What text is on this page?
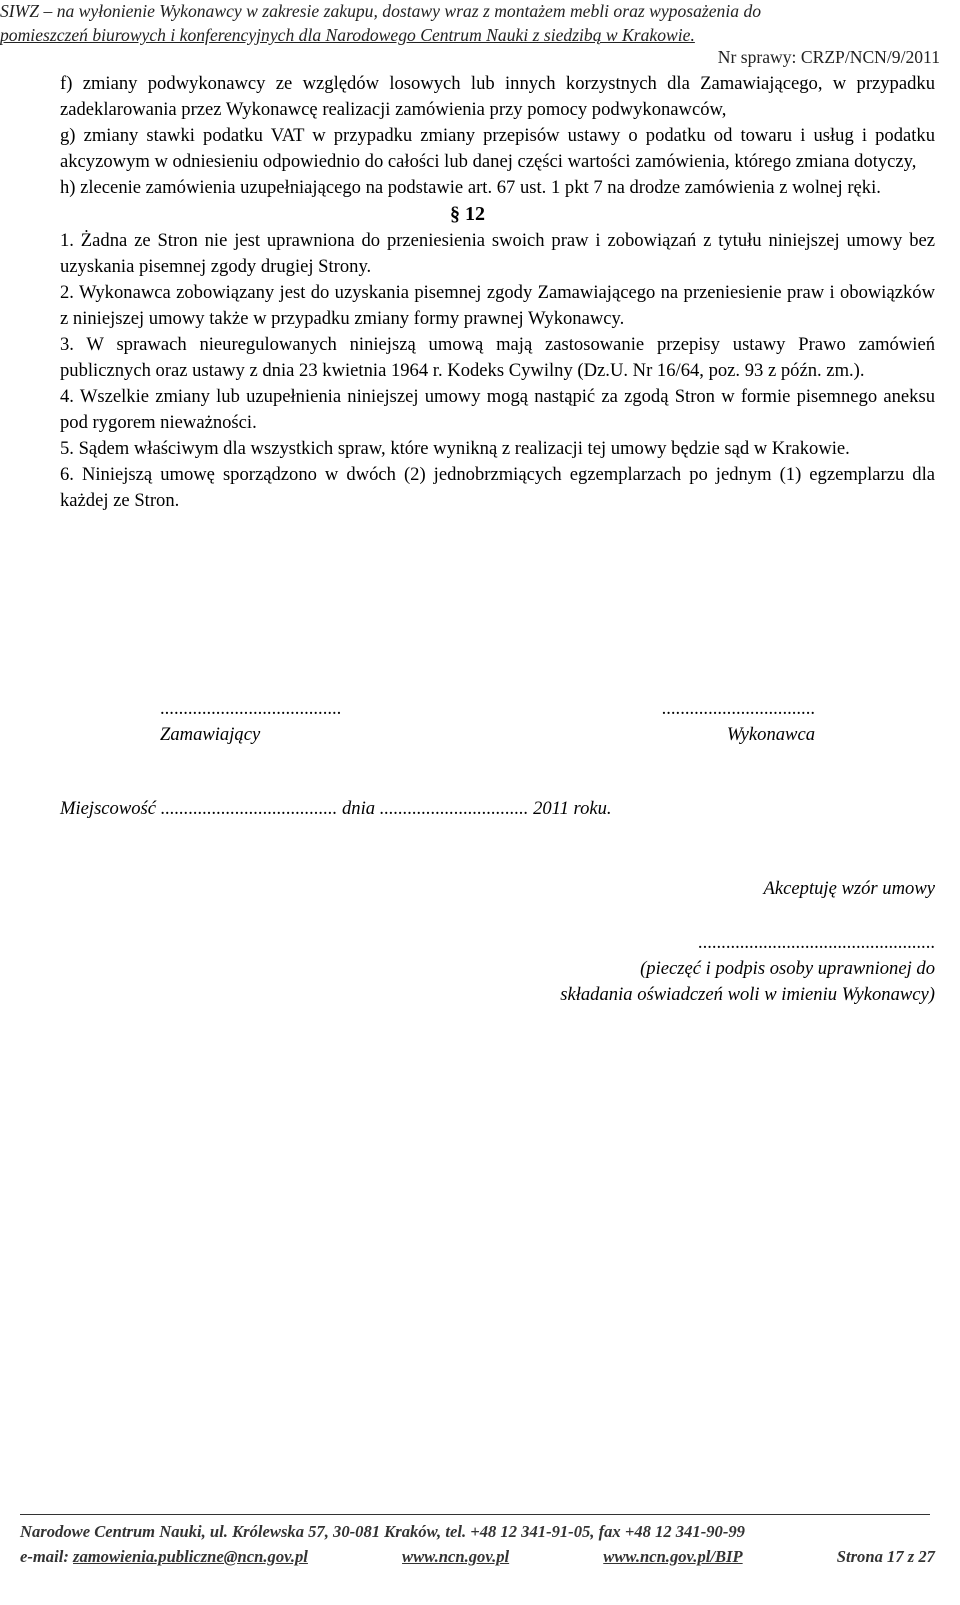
SIWZ – na wyłonienie Wykonawcy w zakresie zakupu, dostawy wraz z montażem mebli oraz wyposażenia do
pomieszczeń biurowych i konferencyjnych dla Narodowego Centrum Nauki z siedzibą w Krakowie.
Nr sprawy: CRZP/NCN/9/2011

f) zmiany podwykonawcy ze względów losowych lub innych korzystnych dla Zamawiającego, w przypadku zadeklarowania przez Wykonawcę realizacji zamówienia przy pomocy podwykonawców,

g) zmiany stawki podatku VAT w przypadku zmiany przepisów ustawy o podatku od towaru i usług i podatku akcyzowym w odniesieniu odpowiednio do całości lub danej części wartości zamówienia, którego zmiana dotyczy,

h) zlecenie zamówienia uzupełniającego na podstawie art. 67 ust. 1 pkt 7 na drodze zamówienia z wolnej ręki.

§ 12

1. Żadna ze Stron nie jest uprawniona do przeniesienia swoich praw i zobowiązań z tytułu niniejszej umowy bez uzyskania pisemnej zgody drugiej Strony.

2. Wykonawca zobowiązany jest do uzyskania pisemnej zgody Zamawiającego na przeniesienie praw i obowiązków z niniejszej umowy także w przypadku zmiany formy prawnej Wykonawcy.

3. W sprawach nieuregulowanych niniejszą umową mają zastosowanie przepisy ustawy Prawo zamówień publicznych oraz ustawy z dnia 23 kwietnia 1964 r. Kodeks Cywilny (Dz.U. Nr 16/64, poz. 93 z późn. zm.).

4. Wszelkie zmiany lub uzupełnienia niniejszej umowy mogą nastąpić za zgodą Stron w formie pisemnego aneksu pod rygorem nieważności.

5. Sądem właściwym dla wszystkich spraw, które wynikną z realizacji tej umowy będzie sąd w Krakowie.

6. Niniejszą umowę sporządzono w dwóch (2) jednobrzmiących egzemplarzach po jednym (1) egzemplarzu dla każdej ze Stron.

.......................................
Zamawiający
.................................
Wykonawca
Miejscowość ...................................... dnia ................................ 2011 roku.
Akceptuję wzór umowy
...................................................
(pieczęć i podpis osoby uprawnionej do
składania oświadczeń woli w imieniu Wykonawcy)
Narodowe Centrum Nauki, ul. Królewska 57, 30-081 Kraków, tel. +48 12 341-91-05, fax +48 12 341-90-99
e-mail: zamowienia.publiczne@ncn.gov.pl	www.ncn.gov.pl	www.ncn.gov.pl/BIP	Strona 17 z 27
